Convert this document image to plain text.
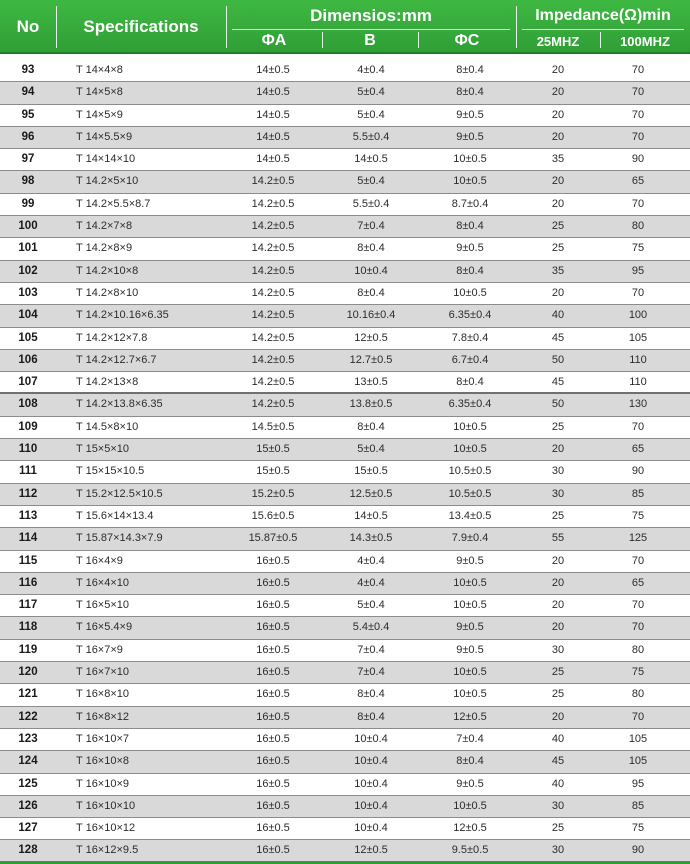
No	Specifications
Dimensios:mm
ΦA	B	ΦC
Impedance(Ω)min
25MHZ	100MHZ
93	T 14×4×8	14±0.5	4±0.4	8±0.4	20	70
94	T 14×5×8	14±0.5	5±0.4	8±0.4	20	70
95	T 14×5×9	14±0.5	5±0.4	9±0.5	20	70
96	T 14×5.5×9	14±0.5	5.5±0.4	9±0.5	20	70
97	T 14×14×10	14±0.5	14±0.5	10±0.5	35	90
98	T 14.2×5×10	14.2±0.5	5±0.4	10±0.5	20	65
99	T 14.2×5.5×8.7	14.2±0.5	5.5±0.4	8.7±0.4	20	70
100	T 14.2×7×8	14.2±0.5	7±0.4	8±0.4	25	80
101	T 14.2×8×9	14.2±0.5	8±0.4	9±0.5	25	75
102	T 14.2×10×8	14.2±0.5	10±0.4	8±0.4	35	95
103	T 14.2×8×10	14.2±0.5	8±0.4	10±0.5	20	70
104	T 14.2×10.16×6.35	14.2±0.5	10.16±0.4	6.35±0.4	40	100
105	T 14.2×12×7.8	14.2±0.5	12±0.5	7.8±0.4	45	105
106	T 14.2×12.7×6.7	14.2±0.5	12.7±0.5	6.7±0.4	50	110
107	T 14.2×13×8	14.2±0.5	13±0.5	8±0.4	45	110
108	T 14.2×13.8×6.35	14.2±0.5	13.8±0.5	6.35±0.4	50	130
109	T 14.5×8×10	14.5±0.5	8±0.4	10±0.5	25	70
110	T 15×5×10	15±0.5	5±0.4	10±0.5	20	65
111	T 15×15×10.5	15±0.5	15±0.5	10.5±0.5	30	90
112	T 15.2×12.5×10.5	15.2±0.5	12.5±0.5	10.5±0.5	30	85
113	T 15.6×14×13.4	15.6±0.5	14±0.5	13.4±0.5	25	75
114	T 15.87×14.3×7.9	15.87±0.5	14.3±0.5	7.9±0.4	55	125
115	T 16×4×9	16±0.5	4±0.4	9±0.5	20	70
116	T 16×4×10	16±0.5	4±0.4	10±0.5	20	65
117	T 16×5×10	16±0.5	5±0.4	10±0.5	20	70
118	T 16×5.4×9	16±0.5	5.4±0.4	9±0.5	20	70
119	T 16×7×9	16±0.5	7±0.4	9±0.5	30	80
120	T 16×7×10	16±0.5	7±0.4	10±0.5	25	75
121	T 16×8×10	16±0.5	8±0.4	10±0.5	25	80
122	T 16×8×12	16±0.5	8±0.4	12±0.5	20	70
123	T 16×10×7	16±0.5	10±0.4	7±0.4	40	105
124	T 16×10×8	16±0.5	10±0.4	8±0.4	45	105
125	T 16×10×9	16±0.5	10±0.4	9±0.5	40	95
126	T 16×10×10	16±0.5	10±0.4	10±0.5	30	85
127	T 16×10×12	16±0.5	10±0.4	12±0.5	25	75
128	T 16×12×9.5	16±0.5	12±0.5	9.5±0.5	30	90
